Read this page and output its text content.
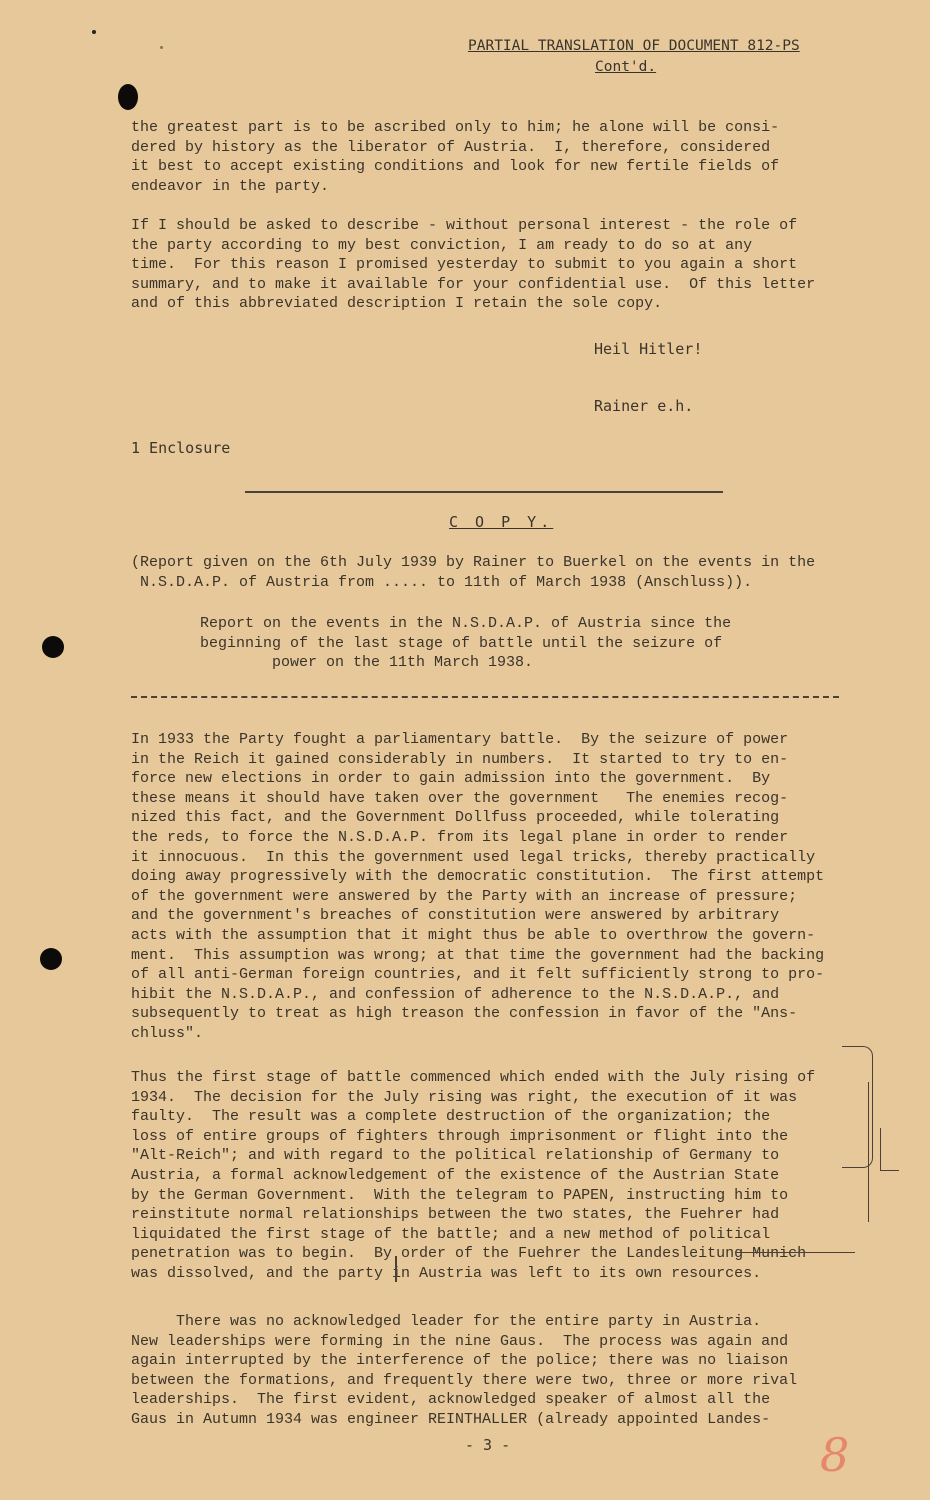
PARTIAL TRANSLATION OF DOCUMENT 812-PS
Cont'd.
the greatest part is to be ascribed only to him; he alone will be consi-
dered by history as the liberator of Austria.  I, therefore, considered
it best to accept existing conditions and look for new fertile fields of
endeavor in the party.
If I should be asked to describe - without personal interest - the role of
the party according to my best conviction, I am ready to do so at any
time.  For this reason I promised yesterday to submit to you again a short
summary, and to make it available for your confidential use.  Of this letter
and of this abbreviated description I retain the sole copy.
Heil Hitler!
Rainer e.h.
1 Enclosure
C O P Y.
(Report given on the 6th July 1939 by Rainer to Buerkel on the events in the
N.S.D.A.P. of Austria from ..... to 11th of March 1938 (Anschluss)).
Report on the events in the N.S.D.A.P. of Austria since the
beginning of the last stage of battle until the seizure of
power on the 11th March 1938.
In 1933 the Party fought a parliamentary battle.  By the seizure of power
in the Reich it gained considerably in numbers.  It started to try to en-
force new elections in order to gain admission into the government.  By
these means it should have taken over the government   The enemies recog-
nized this fact, and the Government Dollfuss proceeded, while tolerating
the reds, to force the N.S.D.A.P. from its legal plane in order to render
it innocuous.  In this the government used legal tricks, thereby practically
doing away progressively with the democratic constitution.  The first attempt
of the government were answered by the Party with an increase of pressure;
and the government's breaches of constitution were answered by arbitrary
acts with the assumption that it might thus be able to overthrow the govern-
ment.  This assumption was wrong; at that time the government had the backing
of all anti-German foreign countries, and it felt sufficiently strong to pro-
hibit the N.S.D.A.P., and confession of adherence to the N.S.D.A.P., and
subsequently to treat as high treason the confession in favor of the "Ans-
chluss".
Thus the first stage of battle commenced which ended with the July rising of
1934.  The decision for the July rising was right, the execution of it was
faulty.  The result was a complete destruction of the organization; the
loss of entire groups of fighters through imprisonment or flight into the
"Alt-Reich"; and with regard to the political relationship of Germany to
Austria, a formal acknowledgement of the existence of the Austrian State
by the German Government.  With the telegram to PAPEN, instructing him to
reinstitute normal relationships between the two states, the Fuehrer had
liquidated the first stage of the battle; and a new method of political
penetration was to begin.  By order of the Fuehrer the Landesleitung Munich
was dissolved, and the party in Austria was left to its own resources.
There was no acknowledged leader for the entire party in Austria.
New leaderships were forming in the nine Gaus.  The process was again and
again interrupted by the interference of the police; there was no liaison
between the formations, and frequently there were two, three or more rival
leaderships.  The first evident, acknowledged speaker of almost all the
Gaus in Autumn 1934 was engineer REINTHALLER (already appointed Landes-
- 3 -	8
